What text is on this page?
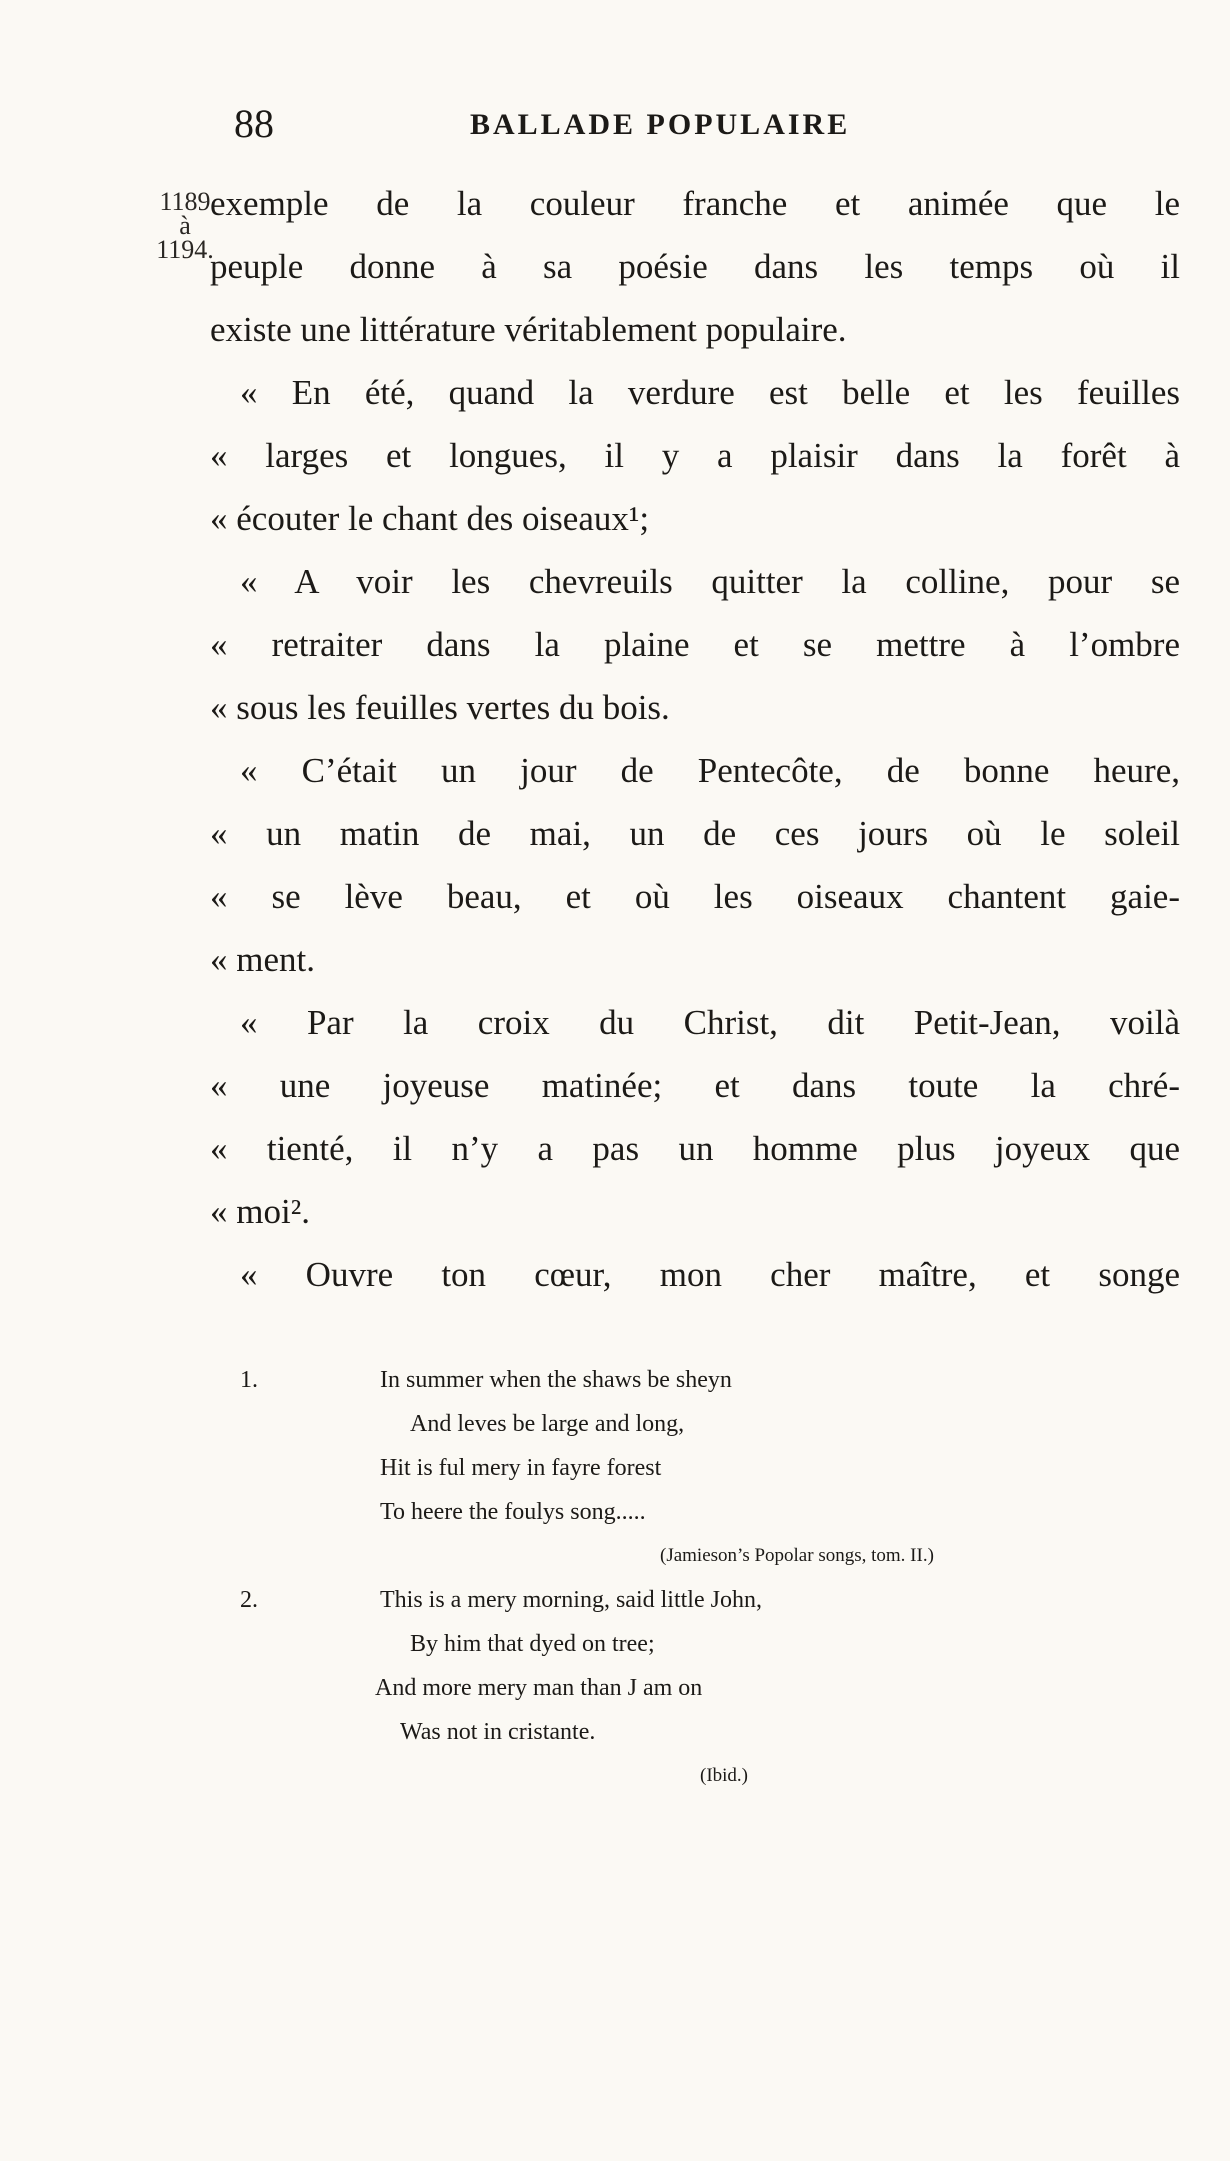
88	BALLADE POPULAIRE
1189
à
1194.
exemple de la couleur franche et animée que le
peuple donne à sa poésie dans les temps où il
existe une littérature véritablement populaire.
« En été, quand la verdure est belle et les feuilles
« larges et longues, il y a plaisir dans la forêt à
« écouter le chant des oiseaux¹;
« A voir les chevreuils quitter la colline, pour se
« retraiter dans la plaine et se mettre à l’ombre
« sous les feuilles vertes du bois.
« C’était un jour de Pentecôte, de bonne heure,
« un matin de mai, un de ces jours où le soleil
« se lève beau, et où les oiseaux chantent gaie-
« ment.
« Par la croix du Christ, dit Petit-Jean, voilà
« une joyeuse matinée; et dans toute la chré-
« tienté, il n’y a pas un homme plus joyeux que
« moi².
« Ouvre ton cœur, mon cher maître, et songe
1.	In summer when the shaws be sheyn
And leves be large and long,
Hit is ful mery in fayre forest
To heere the foulys song.....
(Jamieson’s Popolar songs, tom. II.)
2.	This is a mery morning, said little John,
By him that dyed on tree;
And more mery man than J am on
Was not in cristante.
(Ibid.)
